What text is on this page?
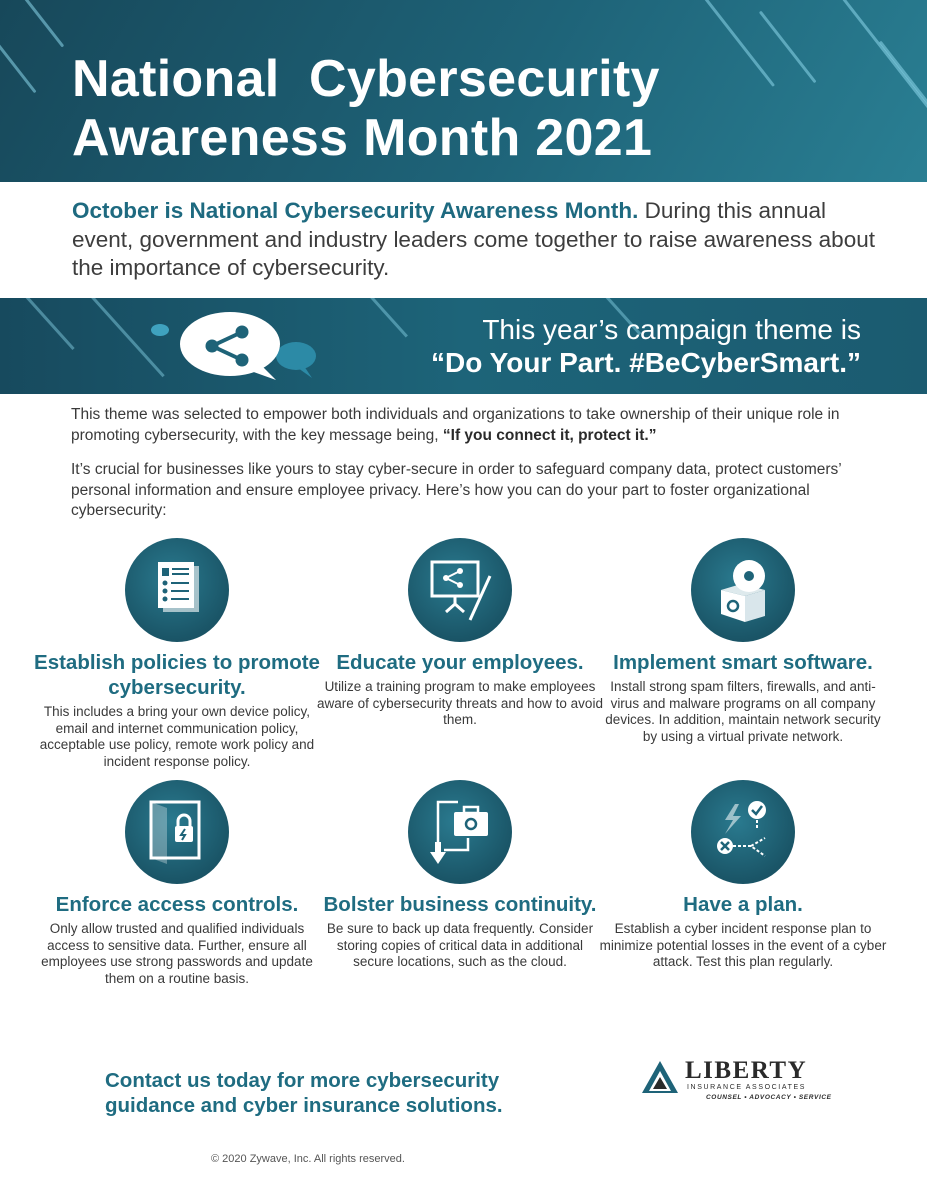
National  Cybersecurity
Awareness Month 2021

October is National Cybersecurity Awareness Month. During this annual event, government and industry leaders come together to raise awareness about the importance of cybersecurity.

This year’s campaign theme is
“Do Your Part. #BeCyberSmart.”

This theme was selected to empower both individuals and organizations to take ownership of their unique role in promoting cybersecurity, with the key message being, “If you connect it, protect it.”

It’s crucial for businesses like yours to stay cyber-secure in order to safeguard company data, protect customers’ personal information and ensure employee privacy. Here’s how you can do your part to foster organizational cybersecurity:

Establish policies to promote cybersecurity.
This includes a bring your own device policy, email and internet communication policy, acceptable use policy, remote work policy and incident response policy.
Educate your employees.
Utilize a training program to make employees aware of cybersecurity threats and how to avoid them.
Implement smart software.
Install strong spam filters, firewalls, and anti-virus and malware programs on all company devices. In addition, maintain network security by using a virtual private network.
Enforce access controls.
Only allow trusted and qualified individuals access to sensitive data. Further, ensure all employees use strong passwords and update them on a routine basis.
Bolster business continuity.
Be sure to back up data frequently. Consider storing copies of critical data in additional secure locations, such as the cloud.
Have a plan.
Establish a cyber incident response plan to minimize potential losses in the event of a cyber attack. Test this plan regularly.
Contact us today for more cybersecurity guidance and cyber insurance solutions.
LIBERTY
INSURANCE ASSOCIATES
COUNSEL • ADVOCACY • SERVICE
© 2020 Zywave, Inc. All rights reserved.
